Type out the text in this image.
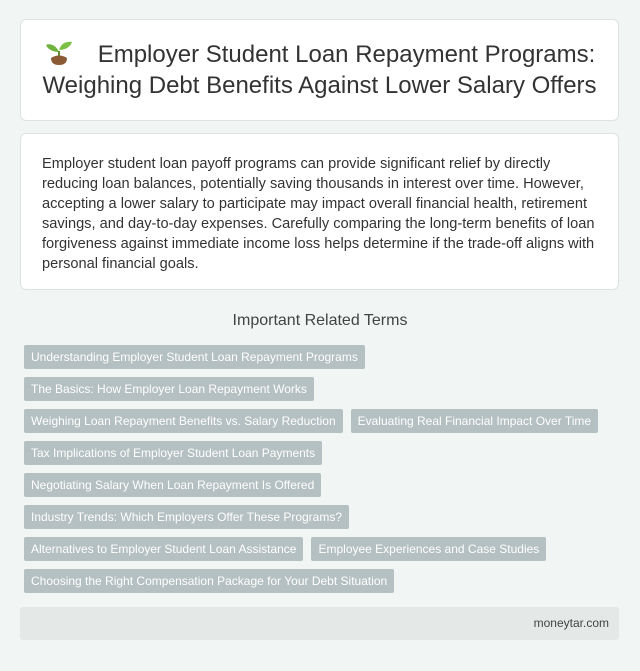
Employer Student Loan Repayment Programs: Weighing Debt Benefits Against Lower Salary Offers

Employer student loan payoff programs can provide significant relief by directly reducing loan balances, potentially saving thousands in interest over time. However, accepting a lower salary to participate may impact overall financial health, retirement savings, and day-to-day expenses. Carefully comparing the long-term benefits of loan forgiveness against immediate income loss helps determine if the trade-off aligns with personal financial goals.

Important Related Terms
Understanding Employer Student Loan Repayment Programs
The Basics: How Employer Loan Repayment Works
Weighing Loan Repayment Benefits vs. Salary Reduction	Evaluating Real Financial Impact Over Time
Tax Implications of Employer Student Loan Payments
Negotiating Salary When Loan Repayment Is Offered
Industry Trends: Which Employers Offer These Programs?
Alternatives to Employer Student Loan Assistance	Employee Experiences and Case Studies
Choosing the Right Compensation Package for Your Debt Situation
moneytar.com
